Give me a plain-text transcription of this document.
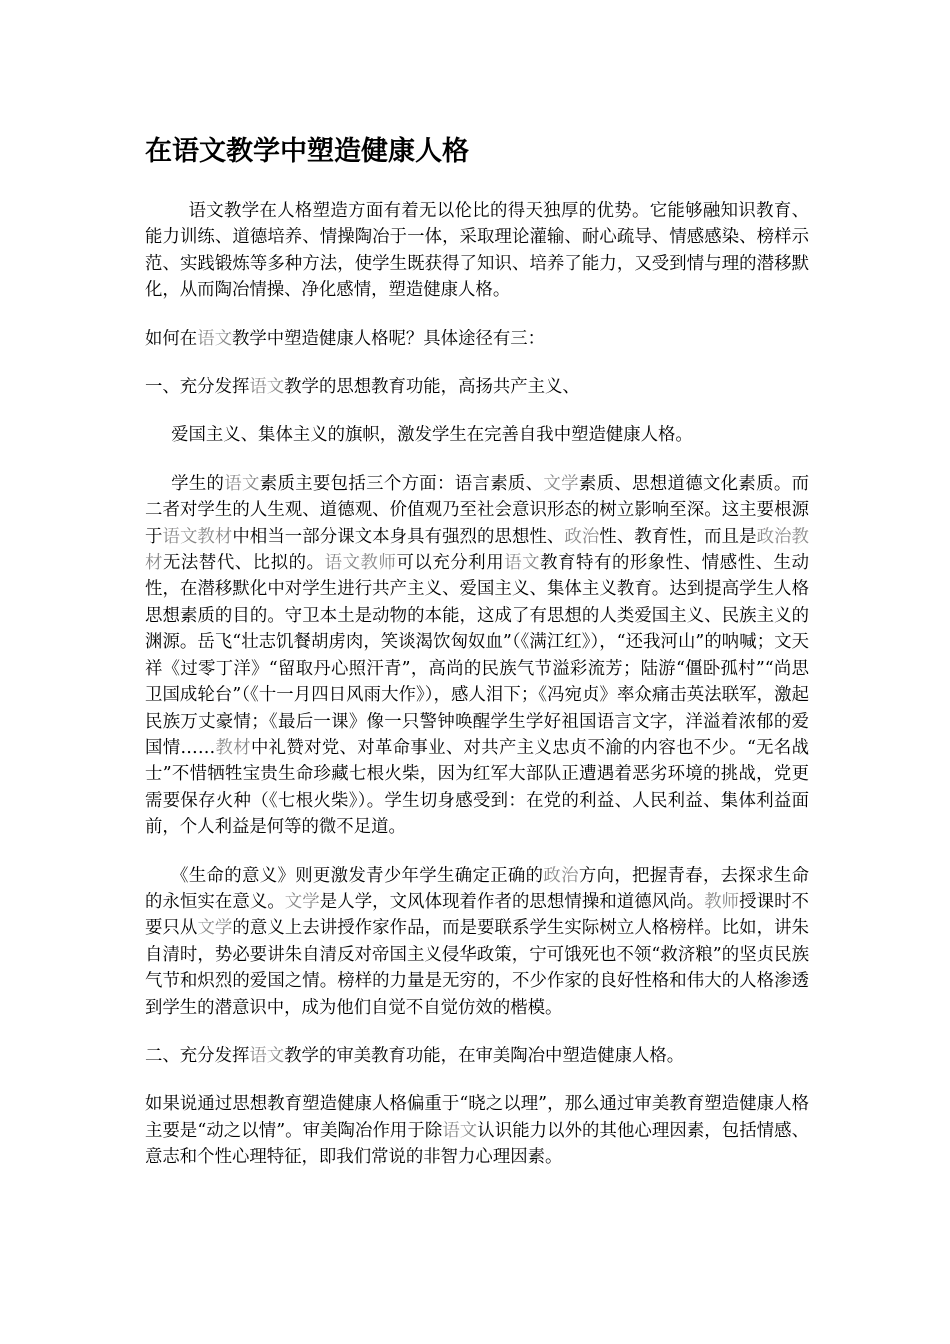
在语文教学中塑造健康人格

语文教学在人格塑造方面有着无以伦比的得天独厚的优势。它能够融知识教育、能力训练、道德培养、情操陶冶于一体，采取理论灌输、耐心疏导、情感感染、榜样示范、实践锻炼等多种方法，使学生既获得了知识、培养了能力，又受到情与理的潜移默化，从而陶冶情操、净化感情，塑造健康人格。

如何在语文教学中塑造健康人格呢？具体途径有三：

一、充分发挥语文教学的思想教育功能，高扬共产主义、

爱国主义、集体主义的旗帜，激发学生在完善自我中塑造健康人格。

学生的语文素质主要包括三个方面：语言素质、文学素质、思想道德文化素质。而二者对学生的人生观、道德观、价值观乃至社会意识形态的树立影响至深。这主要根源于语文教材中相当一部分课文本身具有强烈的思想性、政治性、教育性，而且是政治教材无法替代、比拟的。语文教师可以充分利用语文教育特有的形象性、情感性、生动性，在潜移默化中对学生进行共产主义、爱国主义、集体主义教育。达到提高学生人格思想素质的目的。守卫本土是动物的本能，这成了有思想的人类爱国主义、民族主义的渊源。岳飞“壮志饥餐胡虏肉，笑谈渴饮匈奴血”（《满江红》），“还我河山”的呐喊；文天祥《过零丁洋》“留取丹心照汗青”，高尚的民族气节溢彩流芳；陆游“僵卧孤村”“尚思卫国成轮台”（《十一月四日风雨大作》），感人泪下；《冯宛贞》率众痛击英法联军，激起民族万丈豪情；《最后一课》像一只警钟唤醒学生学好祖国语言文字，洋溢着浓郁的爱国情……教材中礼赞对党、对革命事业、对共产主义忠贞不渝的内容也不少。“无名战士”不惜牺牲宝贵生命珍藏七根火柴，因为红军大部队正遭遇着恶劣环境的挑战，党更需要保存火种（《七根火柴》）。学生切身感受到：在党的利益、人民利益、集体利益面前，个人利益是何等的微不足道。

《生命的意义》则更激发青少年学生确定正确的政治方向，把握青春，去探求生命的永恒实在意义。文学是人学，文风体现着作者的思想情操和道德风尚。教师授课时不要只从文学的意义上去讲授作家作品，而是要联系学生实际树立人格榜样。比如，讲朱自清时，势必要讲朱自清反对帝国主义侵华政策，宁可饿死也不领“救济粮”的坚贞民族气节和炽烈的爱国之情。榜样的力量是无穷的，不少作家的良好性格和伟大的人格渗透到学生的潜意识中，成为他们自觉不自觉仿效的楷模。

二、充分发挥语文教学的审美教育功能，在审美陶冶中塑造健康人格。

如果说通过思想教育塑造健康人格偏重于“晓之以理”，那么通过审美教育塑造健康人格主要是“动之以情”。审美陶冶作用于除语文认识能力以外的其他心理因素，包括情感、意志和个性心理特征，即我们常说的非智力心理因素。
